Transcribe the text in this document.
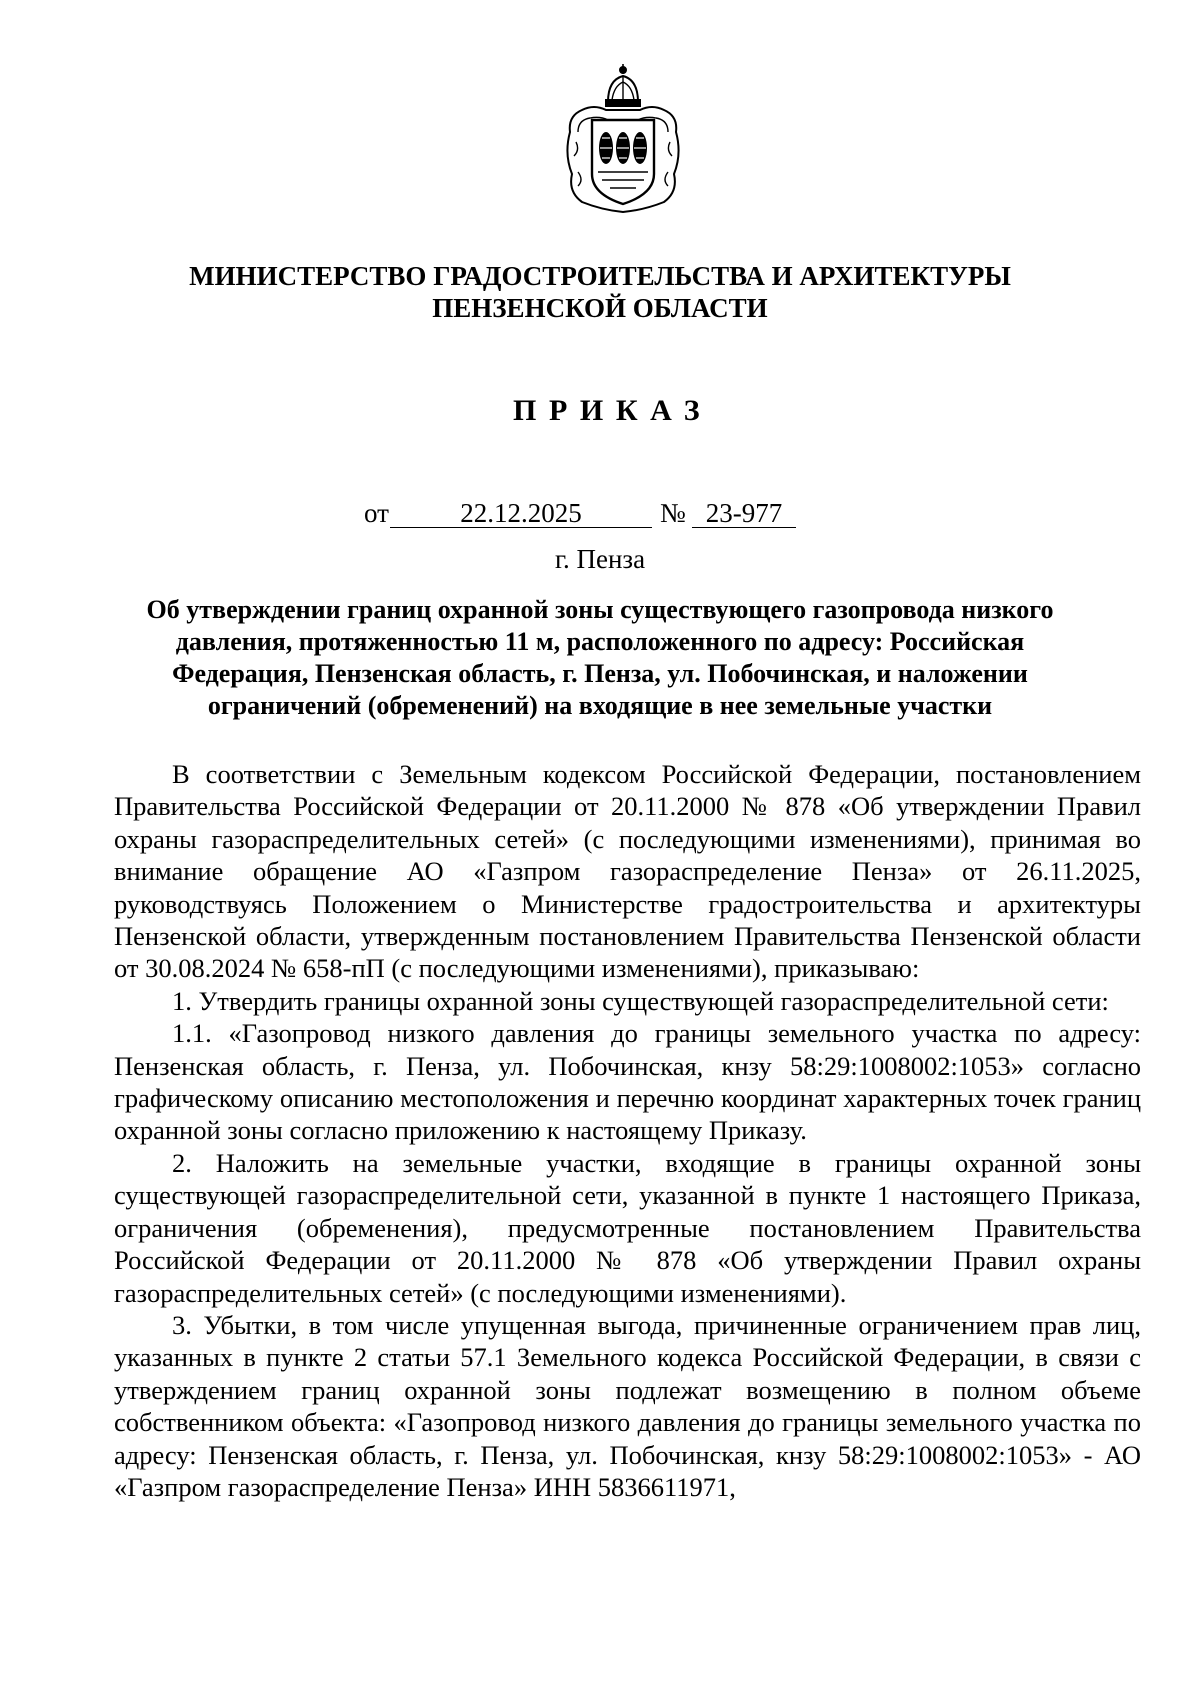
МИНИСТЕРСТВО ГРАДОСТРОИТЕЛЬСТВА И АРХИТЕКТУРЫ
ПЕНЗЕНСКОЙ ОБЛАСТИ
ПРИКАЗ
от	22.12.2025	№ 23-977
г. Пенза
Об утверждении границ охранной зоны существующего газопровода низкого давления, протяженностью 11 м, расположенного по адресу: Российская Федерация, Пензенская область, г. Пенза, ул. Побочинская, и наложении ограничений (обременений) на входящие в нее земельные участки

В соответствии с Земельным кодексом Российской Федерации, постановлением Правительства Российской Федерации от 20.11.2000 № 878 «Об утверждении Правил охраны газораспределительных сетей» (с последующими изменениями), принимая во внимание обращение АО «Газпром газораспределение Пенза» от 26.11.2025, руководствуясь Положением о Министерстве градостроительства и архитектуры Пензенской области, утвержденным постановлением Правительства Пензенской области от 30.08.2024 № 658-пП (с последующими изменениями), приказываю:

1. Утвердить границы охранной зоны существующей газораспределительной сети:

1.1. «Газопровод низкого давления до границы земельного участка по адресу: Пензенская область, г. Пенза, ул. Побочинская, кнзу 58:29:1008002:1053» согласно графическому описанию местоположения и перечню координат характерных точек границ охранной зоны согласно приложению к настоящему Приказу.

2. Наложить на земельные участки, входящие в границы охранной зоны существующей газораспределительной сети, указанной в пункте 1 настоящего Приказа, ограничения (обременения), предусмотренные постановлением Правительства Российской Федерации от 20.11.2000 № 878 «Об утверждении Правил охраны газораспределительных сетей» (с последующими изменениями).

3. Убытки, в том числе упущенная выгода, причиненные ограничением прав лиц, указанных в пункте 2 статьи 57.1 Земельного кодекса Российской Федерации, в связи с утверждением границ охранной зоны подлежат возмещению в полном объеме собственником объекта: «Газопровод низкого давления до границы земельного участка по адресу: Пензенская область, г. Пенза, ул. Побочинская, кнзу 58:29:1008002:1053» - АО «Газпром газораспределение Пенза» ИНН 5836611971,
